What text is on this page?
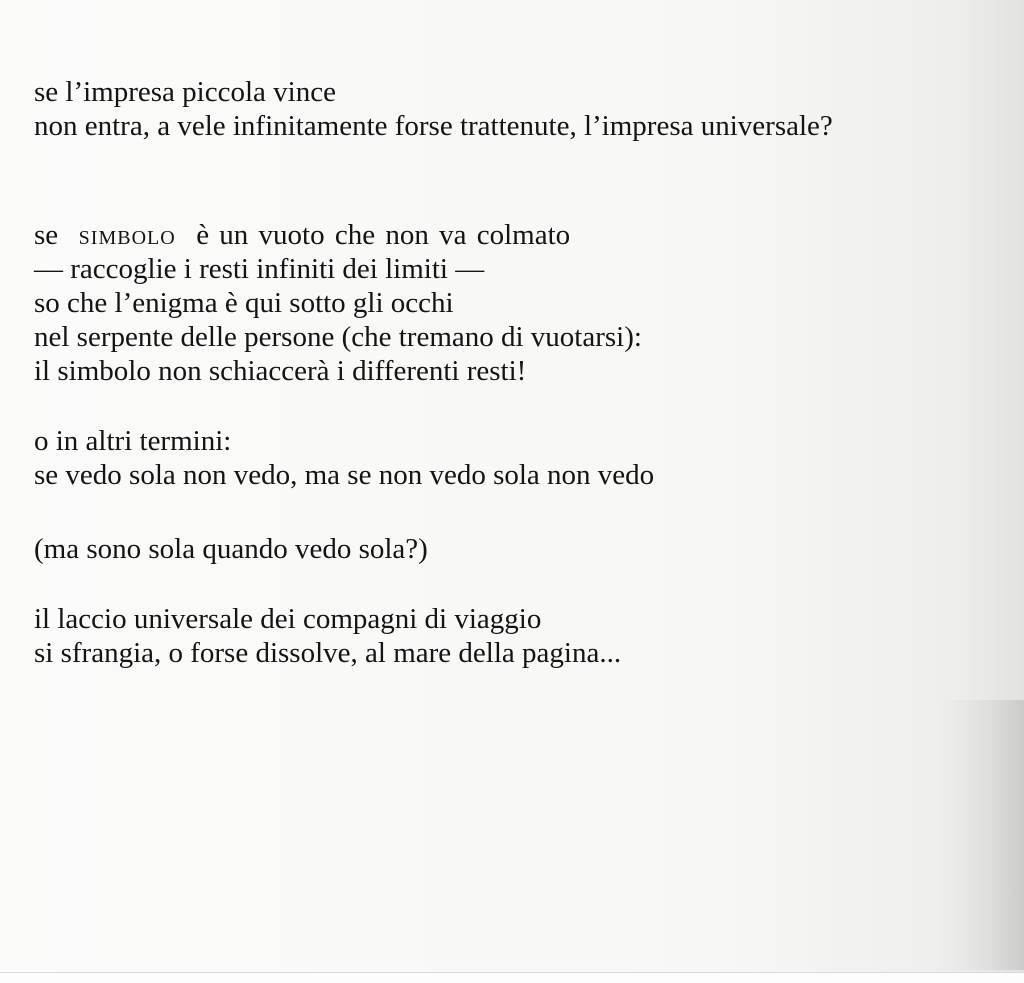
se l’impresa piccola vince

non entra, a vele infinitamente forse trattenute, l’impresa universale?

se simbolo è un vuoto che non va colmato

— raccoglie i resti infiniti dei limiti —

so che l’enigma è qui sotto gli occhi

nel serpente delle persone (che tremano di vuotarsi):

il simbolo non schiaccerà i differenti resti!

o in altri termini:

se vedo sola non vedo, ma se non vedo sola non vedo

(ma sono sola quando vedo sola?)

il laccio universale dei compagni di viaggio

si sfrangia, o forse dissolve, al mare della pagina...
